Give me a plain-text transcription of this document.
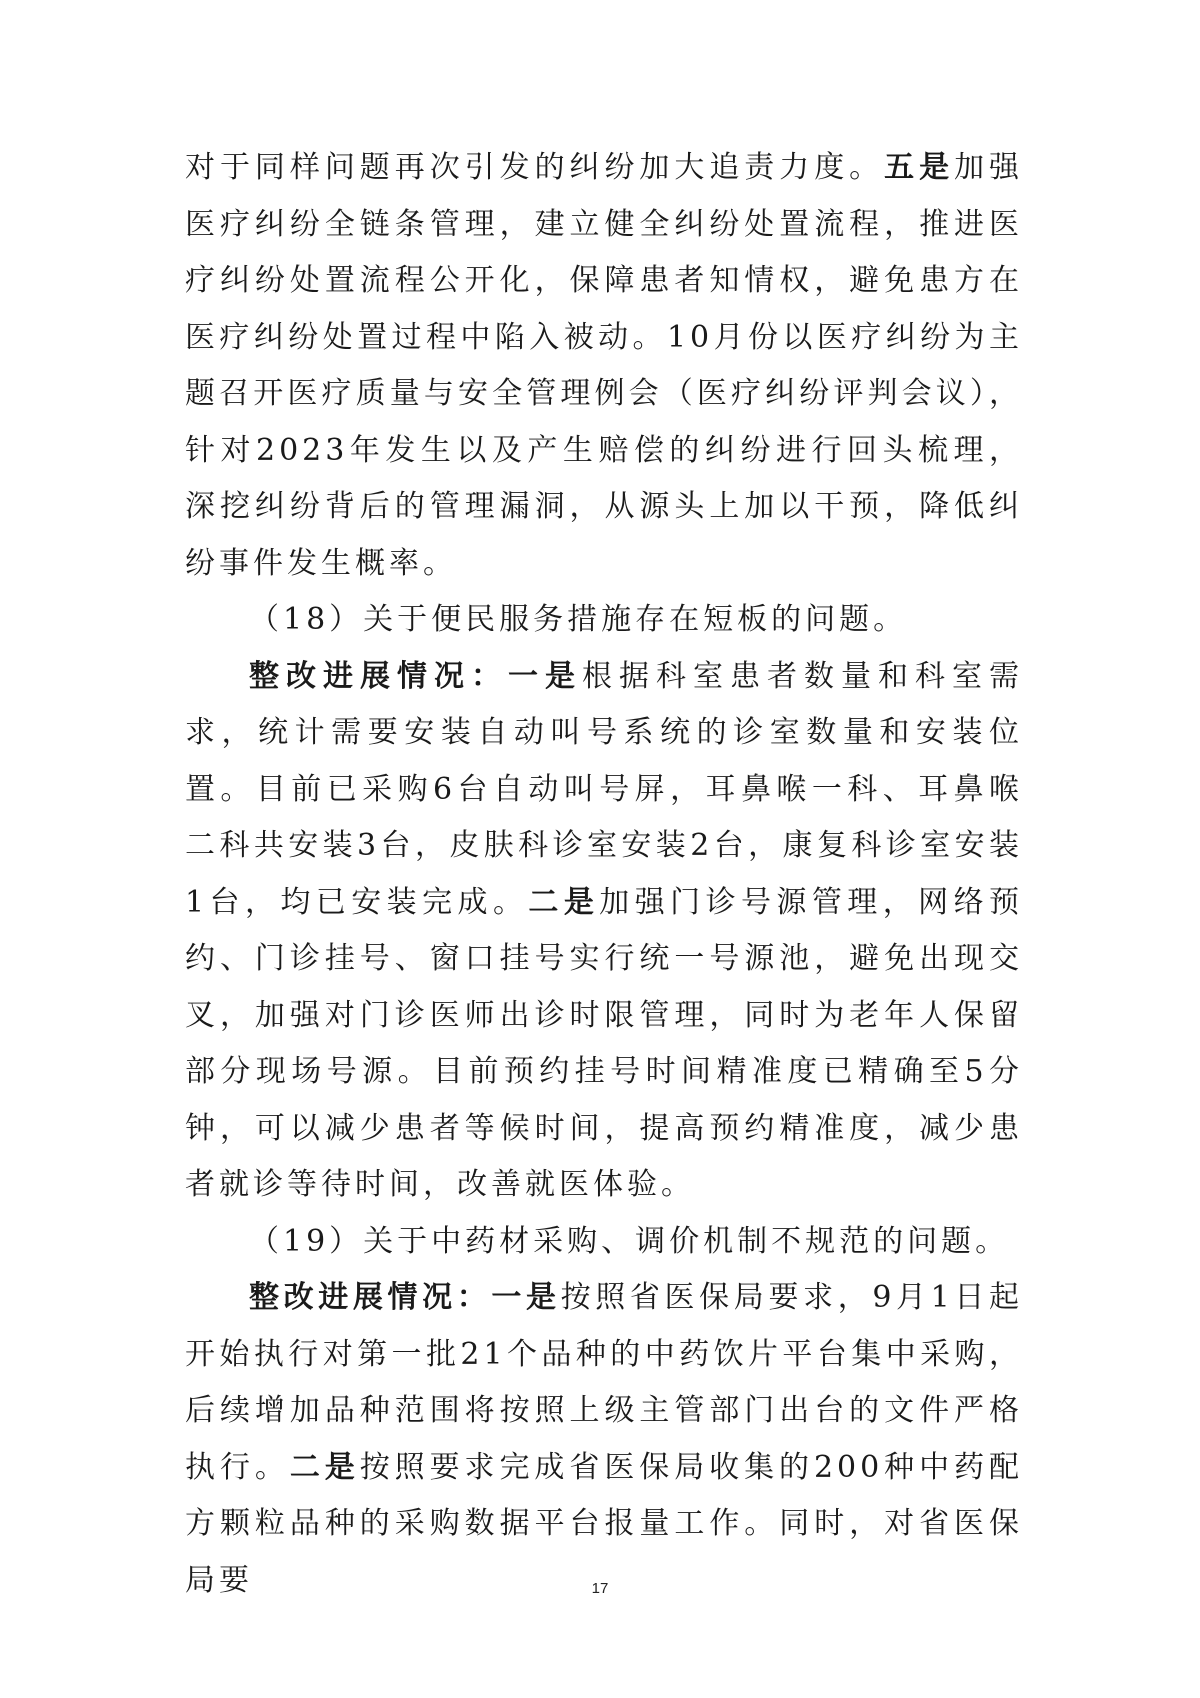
对于同样问题再次引发的纠纷加大追责力度。五是加强医疗纠纷全链条管理，建立健全纠纷处置流程，推进医疗纠纷处置流程公开化，保障患者知情权，避免患方在医疗纠纷处置过程中陷入被动。10月份以医疗纠纷为主题召开医疗质量与安全管理例会（医疗纠纷评判会议），针对2023年发生以及产生赔偿的纠纷进行回头梳理，深挖纠纷背后的管理漏洞，从源头上加以干预，降低纠纷事件发生概率。

（18）关于便民服务措施存在短板的问题。

整改进展情况：一是根据科室患者数量和科室需求，统计需要安装自动叫号系统的诊室数量和安装位置。目前已采购6台自动叫号屏，耳鼻喉一科、耳鼻喉二科共安装3台，皮肤科诊室安装2台，康复科诊室安装1台，均已安装完成。二是加强门诊号源管理，网络预约、门诊挂号、窗口挂号实行统一号源池，避免出现交叉，加强对门诊医师出诊时限管理，同时为老年人保留部分现场号源。目前预约挂号时间精准度已精确至5分钟，可以减少患者等候时间，提高预约精准度，减少患者就诊等待时间，改善就医体验。

（19）关于中药材采购、调价机制不规范的问题。

整改进展情况：一是按照省医保局要求，9月1日起开始执行对第一批21个品种的中药饮片平台集中采购，后续增加品种范围将按照上级主管部门出台的文件严格执行。二是按照要求完成省医保局收集的200种中药配方颗粒品种的采购数据平台报量工作。同时，对省医保局要	17
